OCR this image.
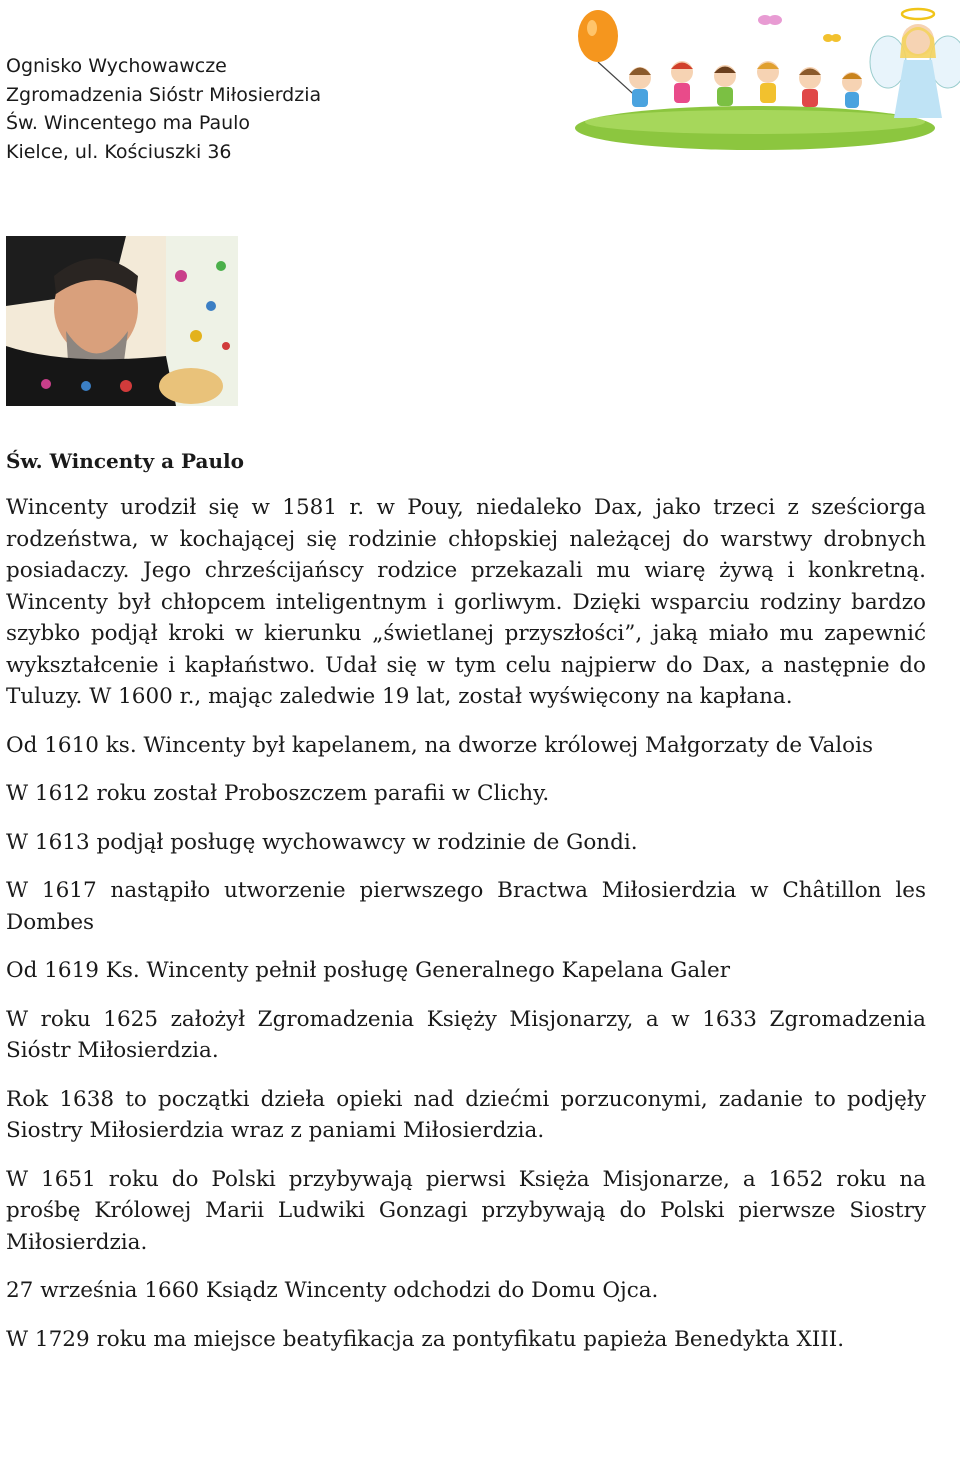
Ognisko Wychowawcze
Zgromadzenia Sióstr Miłosierdzia
Św. Wincentego ma Paulo
Kielce, ul. Kościuszki 36
Św. Wincenty a Paulo

Wincenty urodził się w 1581 r. w Pouy, niedaleko Dax, jako trzeci z sześciorga rodzeństwa, w kochającej się rodzinie chłopskiej należącej do warstwy drobnych posiadaczy. Jego chrześcijańscy rodzice przekazali mu wiarę żywą i konkretną. Wincenty był chłopcem inteligentnym i gorliwym. Dzięki wsparciu rodziny bardzo szybko podjął kroki w kierunku „świetlanej przyszłości”, jaką miało mu zapewnić wykształcenie i kapłaństwo. Udał się w tym celu najpierw do Dax, a następnie do Tuluzy. W 1600 r., mając zaledwie 19 lat, został wyświęcony na kapłana.

Od 1610 ks. Wincenty był kapelanem, na dworze królowej Małgorzaty de Valois

W 1612 roku został Proboszczem parafii w Clichy.

W 1613 podjął posługę wychowawcy w rodzinie de Gondi.

W 1617 nastąpiło utworzenie pierwszego Bractwa Miłosierdzia w Châtillon les Dombes

Od 1619 Ks. Wincenty pełnił posługę Generalnego Kapelana Galer

W roku 1625 założył Zgromadzenia Księży Misjonarzy, a w 1633 Zgromadzenia Sióstr Miłosierdzia.

Rok 1638 to początki dzieła opieki nad dziećmi porzuconymi, zadanie to podjęły Siostry Miłosierdzia wraz z paniami Miłosierdzia.

W 1651 roku do Polski przybywają pierwsi Księża Misjonarze, a 1652 roku na prośbę Królowej Marii Ludwiki Gonzagi przybywają do Polski pierwsze Siostry Miłosierdzia.

27 września 1660 Ksiądz Wincenty odchodzi do Domu Ojca.

W 1729 roku ma miejsce beatyfikacja za pontyfikatu papieża Benedykta XIII.
